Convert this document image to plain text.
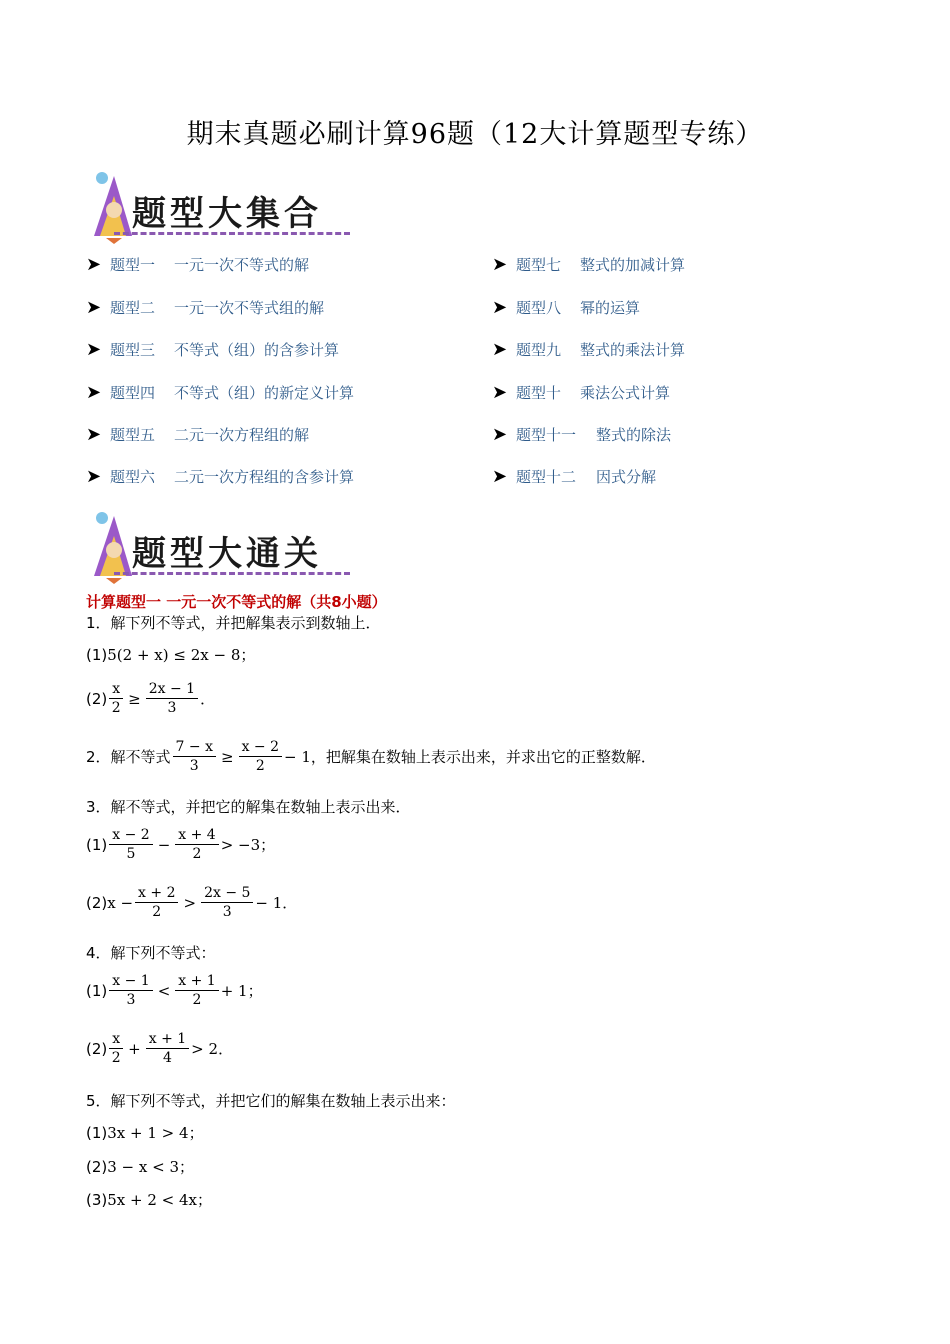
期末真题必刷计算96题（12大计算题型专练）
题型大集合
➤ 题型一 一元一次不等式的解
➤ 题型二 一元一次不等式组的解
➤ 题型三 不等式（组）的含参计算
➤ 题型四 不等式（组）的新定义计算
➤ 题型五 二元一次方程组的解
➤ 题型六 二元一次方程组的含参计算
➤ 题型七 整式的加减计算
➤ 题型八 幂的运算
➤ 题型九 整式的乘法计算
➤ 题型十 乘法公式计算
➤ 题型十一 整式的除法
➤ 题型十二 因式分解
题型大通关
计算题型一 一元一次不等式的解（共8小题）
1．解下列不等式，并把解集表示到数轴上．
(1) 5(2 + x) ≤ 2x − 8 ；
$(2) \frac{x}{2} \ge \frac{2x - 1}{3}$ ．
2．解不等式 $\frac{7 - x}{3} \ge \frac{x - 2}{2} - 1$ ，把解集在数轴上表示出来，并求出它的正整数解．
3．解不等式，并把它的解集在数轴上表示出来．
$(1) \frac{x - 2}{5} - \frac{x + 4}{2} > -3$ ；
(2) $x - \frac{x + 2}{2} > \frac{2x - 5}{3} - 1$ ．
4．解下列不等式：
$(1) \frac{x - 1}{3} < \frac{x + 1}{2} + 1$ ；
$(2) \frac{x}{2} + \frac{x + 1}{4} > 2$ ．
5．解下列不等式，并把它们的解集在数轴上表示出来：
(1) 3x + 1 > 4 ；
(2) 3 − x < 3 ；
(3) 5x + 2 < 4x ；
